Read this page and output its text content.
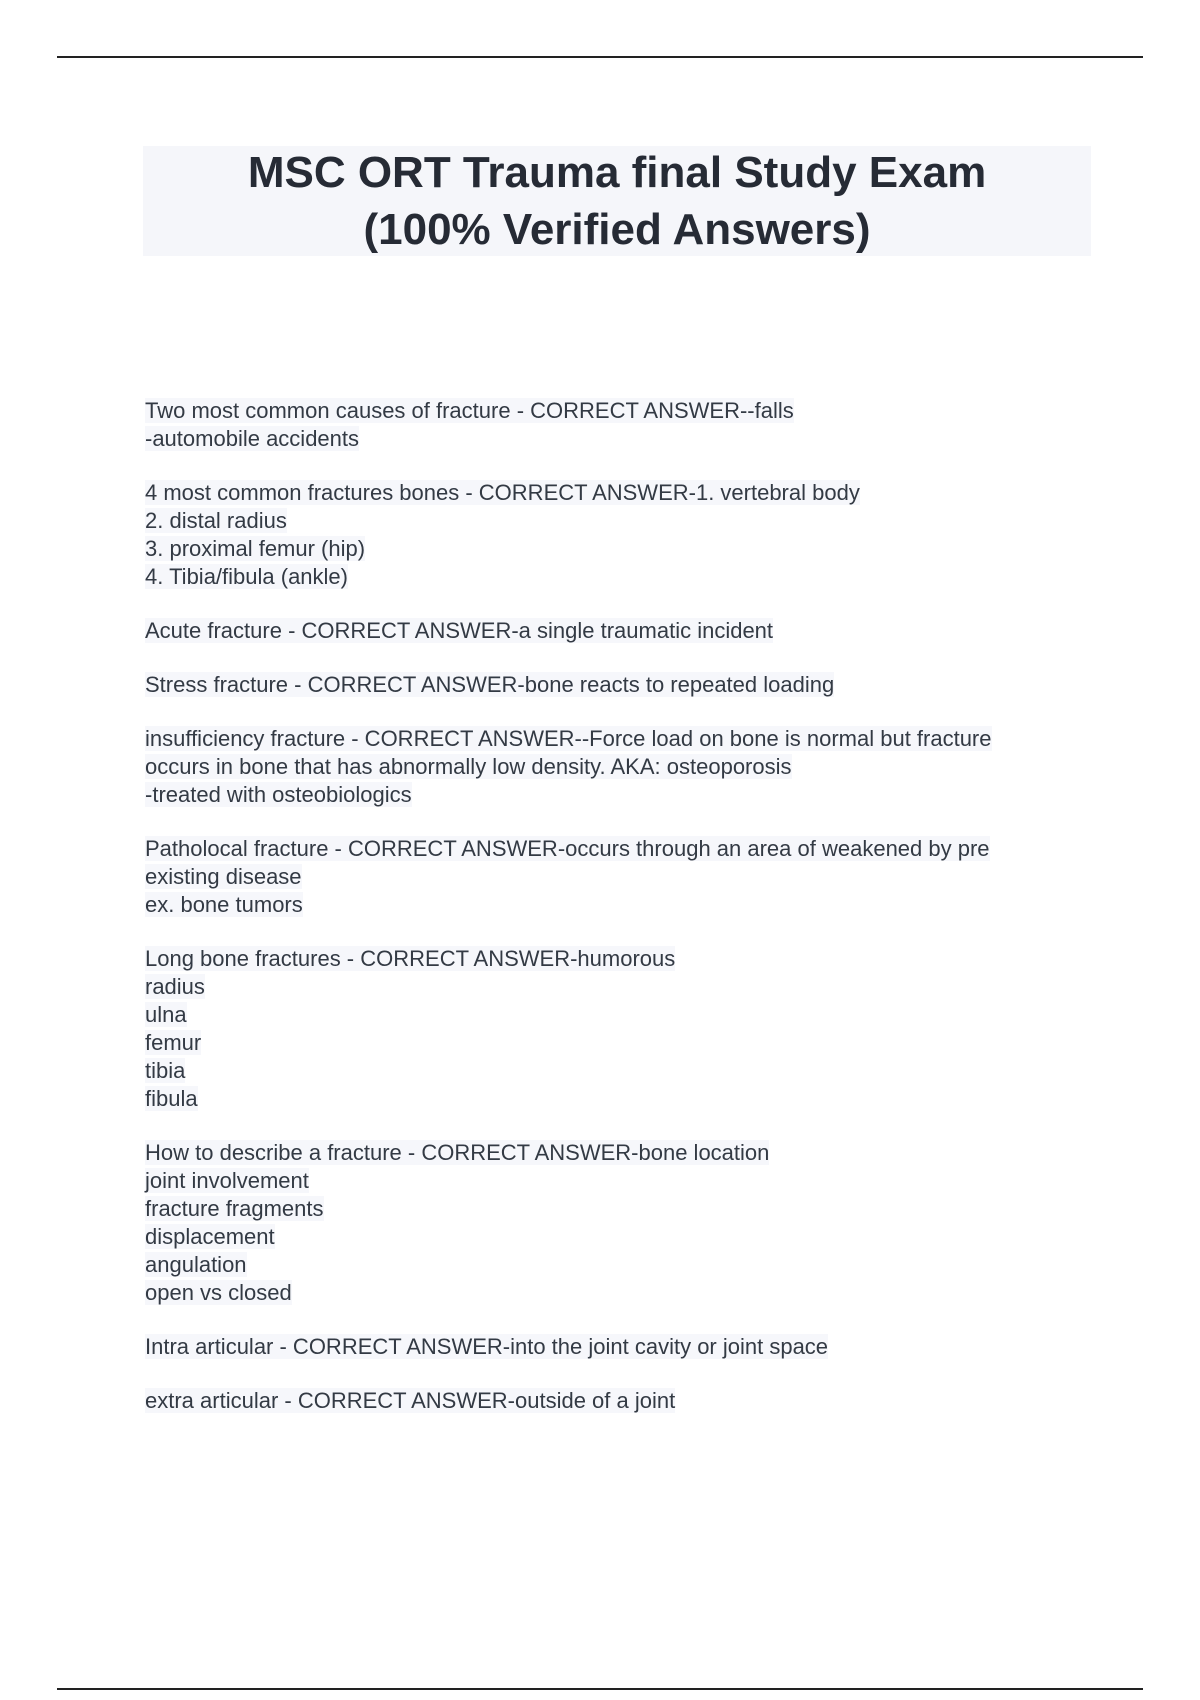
MSC ORT Trauma final Study Exam
(100% Verified Answers)
Two most common causes of fracture - CORRECT ANSWER--falls
-automobile accidents
4 most common fractures bones - CORRECT ANSWER-1. vertebral body
2. distal radius
3. proximal femur (hip)
4. Tibia/fibula (ankle)
Acute fracture - CORRECT ANSWER-a single traumatic incident
Stress fracture - CORRECT ANSWER-bone reacts to repeated loading
insufficiency fracture - CORRECT ANSWER--Force load on bone is normal but fracture
occurs in bone that has abnormally low density. AKA: osteoporosis
-treated with osteobiologics
Patholocal fracture - CORRECT ANSWER-occurs through an area of weakened by pre
existing disease
ex. bone tumors
Long bone fractures - CORRECT ANSWER-humorous
radius
ulna
femur
tibia
fibula
How to describe a fracture - CORRECT ANSWER-bone location
joint involvement
fracture fragments
displacement
angulation
open vs closed
Intra articular - CORRECT ANSWER-into the joint cavity or joint space
extra articular - CORRECT ANSWER-outside of a joint
